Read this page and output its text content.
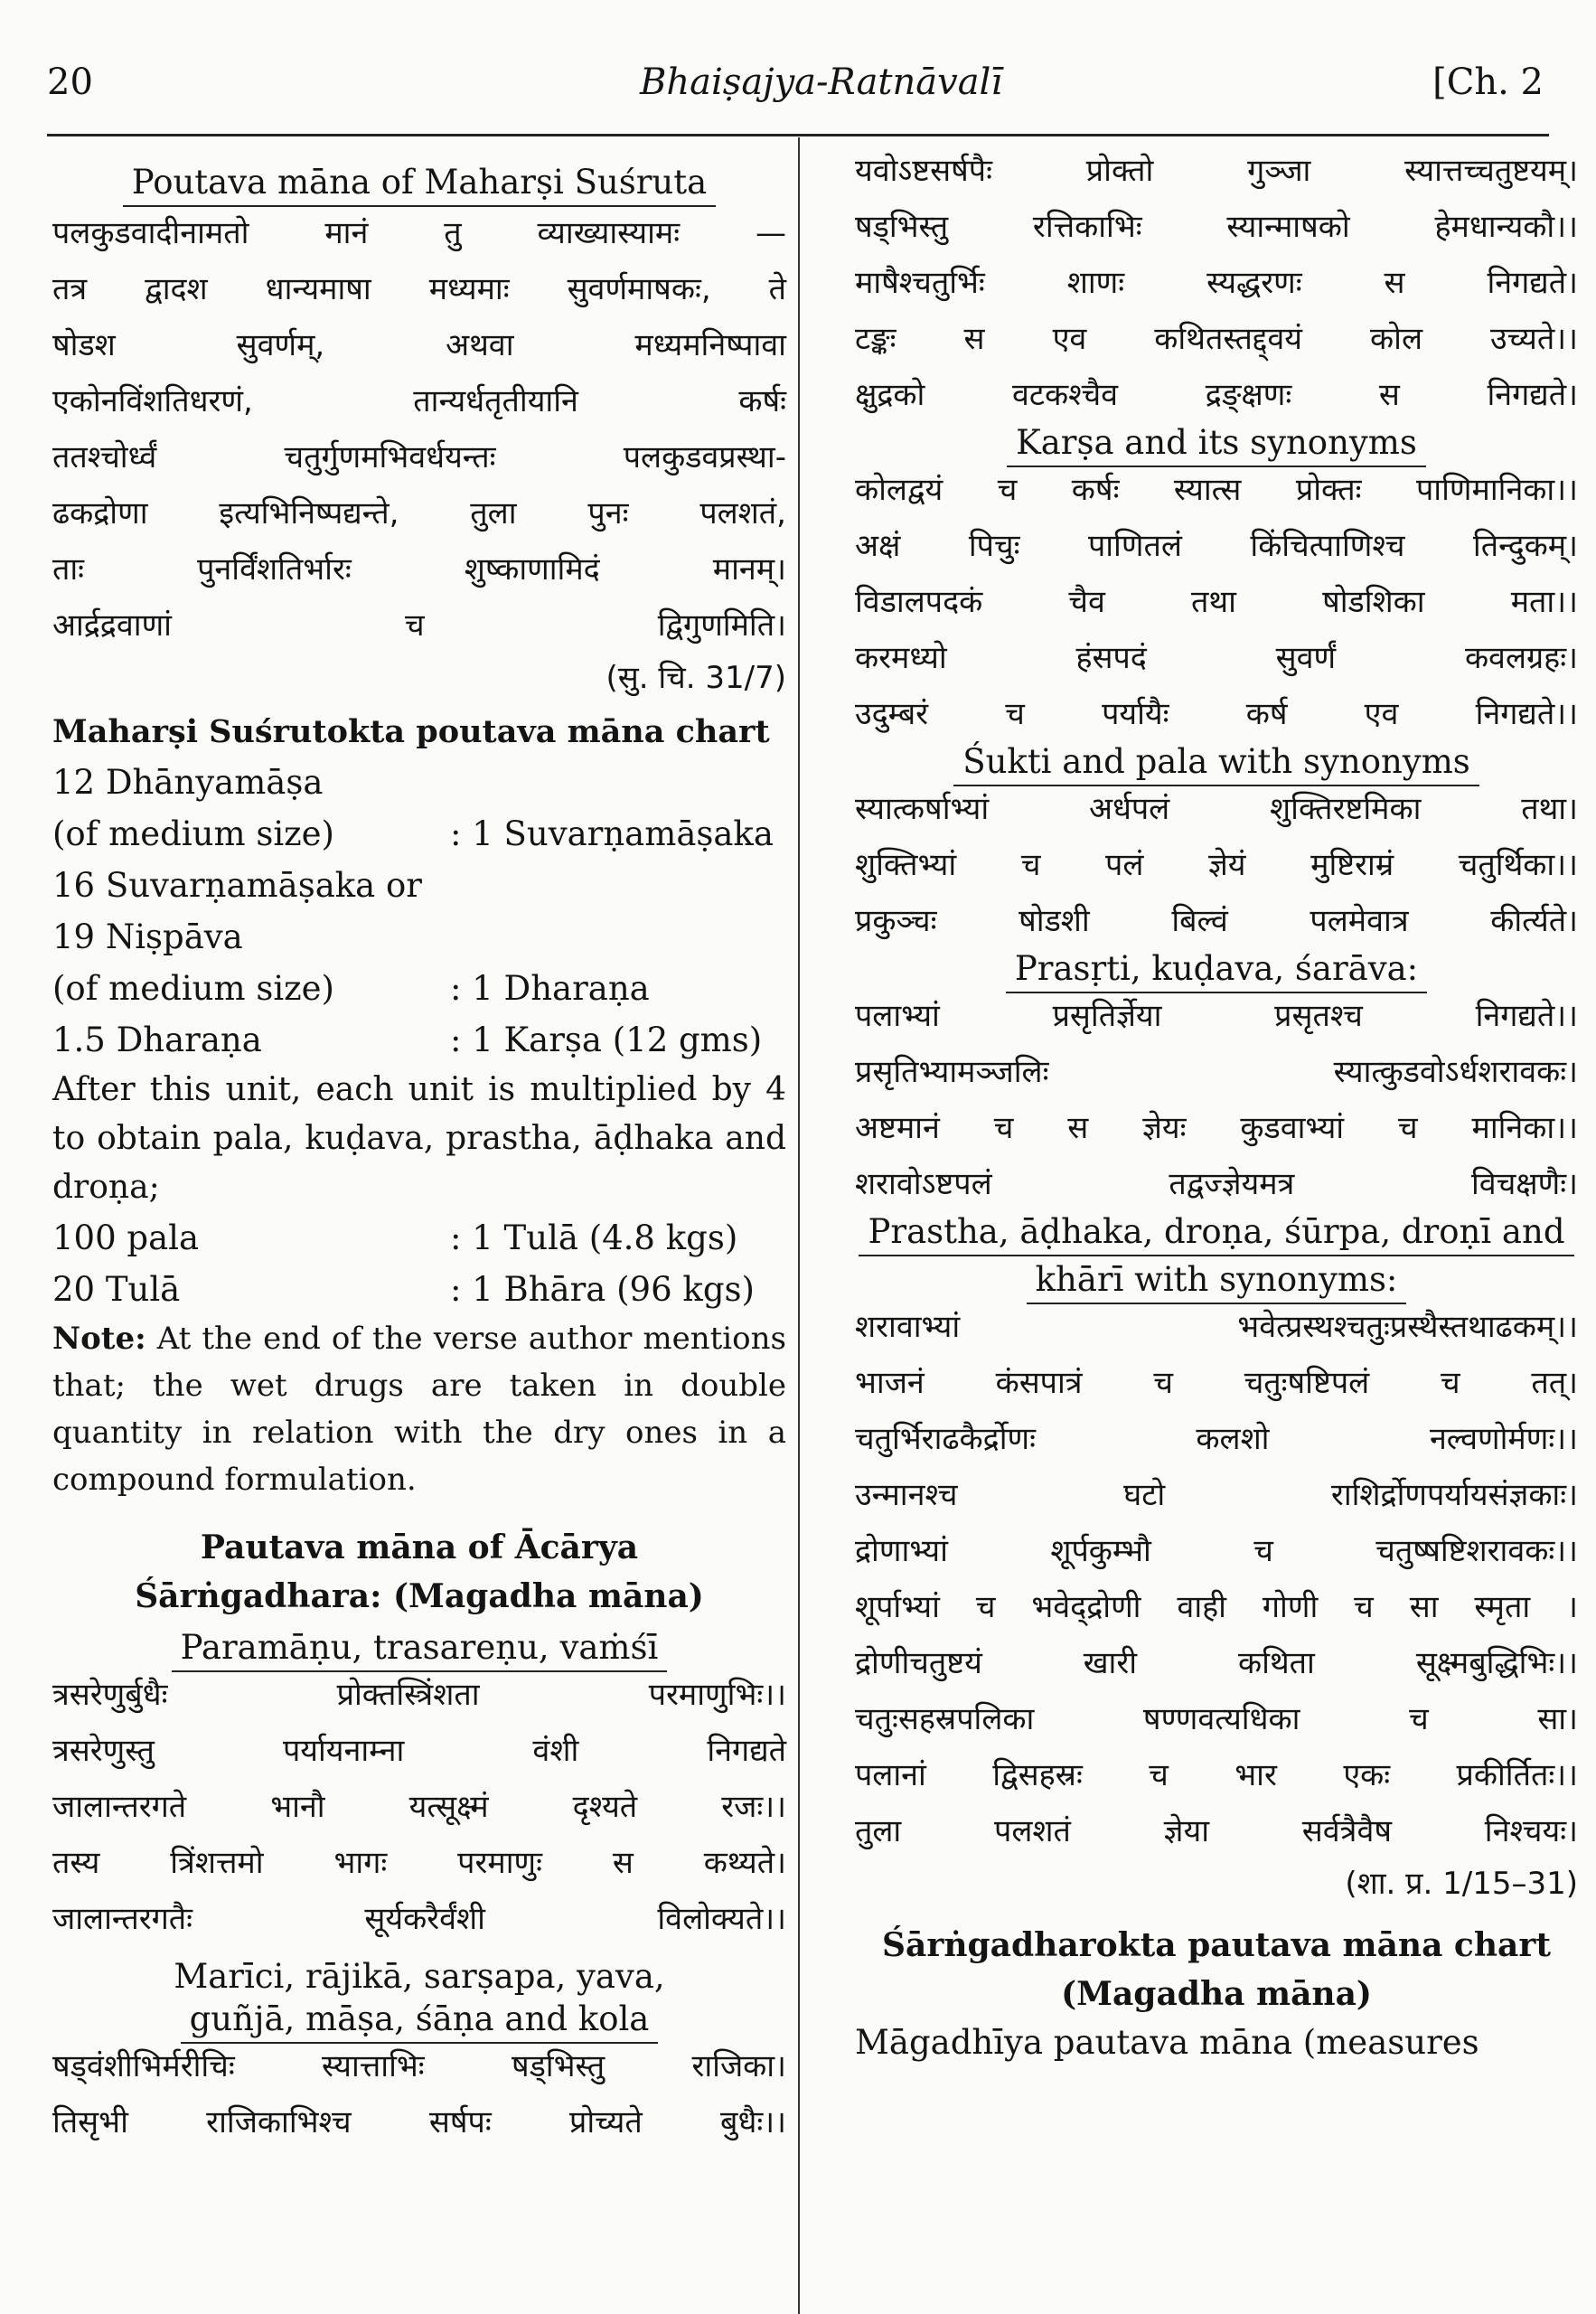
20	Bhaiṣajya-Ratnāvalī	[Ch. 2
Poutava māna of Maharṣi Suśruta
पलकुडवादीनामतो मानं तु व्याख्यास्यामः —
तत्र द्वादश धान्यमाषा मध्यमाः सुवर्णमाषकः, ते
षोडश सुवर्णम्, अथवा मध्यमनिष्पावा
एकोनविंशतिधरणं, तान्यर्धतृतीयानि कर्षः
ततश्चोर्ध्वं चतुर्गुणमभिवर्धयन्तः पलकुडवप्रस्था-
ढकद्रोणा इत्यभिनिष्पद्यन्ते, तुला पुनः पलशतं,
ताः पुनर्विंशतिर्भारः शुष्काणामिदं मानम्।
आर्द्रद्रवाणां च द्विगुणमिति।
(सु. चि. 31/7)
Maharṣi Suśrutokta poutava māna chart
12 Dhānyamāṣa
(of medium size)	: 1 Suvarṇamāṣaka
16 Suvarṇamāṣaka or
19 Niṣpāva
(of medium size)	: 1 Dharaṇa
1.5 Dharaṇa	: 1 Karṣa (12 gms)
After this unit, each unit is multiplied by 4 to obtain pala, kuḍava, prastha, āḍhaka and droṇa;
100 pala	: 1 Tulā (4.8 kgs)
20 Tulā	: 1 Bhāra (96 kgs)
Note: At the end of the verse author mentions that; the wet drugs are taken in double quantity in relation with the dry ones in a compound formulation.
Pautava māna of Ācārya
Śārṅgadhara: (Magadha māna)
Paramāṇu, trasareṇu, vaṁśī
त्रसरेणुर्बुधैः प्रोक्तस्त्रिंशता परमाणुभिः।।
त्रसरेणुस्तु पर्यायनाम्ना वंशी निगद्यते
जालान्तरगते भानौ यत्सूक्ष्मं दृश्यते रजः।।
तस्य त्रिंशत्तमो भागः परमाणुः स कथ्यते।
जालान्तरगतैः सूर्यकरैर्वंशी विलोक्यते।।
Marīci, rājikā, sarṣapa, yava,
guñjā, māṣa, śāṇa and kola
षड्वंशीभिर्मरीचिः स्यात्ताभिः षड्भिस्तु राजिका।
तिसृभी राजिकाभिश्च सर्षपः प्रोच्यते बुधैः।।
यवोऽष्टसर्षपैः प्रोक्तो गुञ्जा स्यात्तच्चतुष्टयम्।
षड्भिस्तु रत्तिकाभिः स्यान्माषको हेमधान्यकौ।।
माषैश्चतुर्भिः शाणः स्यद्धरणः स निगद्यते।
टङ्कः स एव कथितस्तद्द्वयं कोल उच्यते।।
क्षुद्रको वटकश्चैव द्रङ्क्षणः स निगद्यते।
Karṣa and its synonyms
कोलद्वयं च कर्षः स्यात्स प्रोक्तः पाणिमानिका।।
अक्षं पिचुः पाणितलं किंचित्पाणिश्च तिन्दुकम्।
विडालपदकं चैव तथा षोडशिका मता।।
करमध्यो हंसपदं सुवर्णं कवलग्रहः।
उदुम्बरं च पर्यायैः कर्ष एव निगद्यते।।
Śukti and pala with synonyms
स्यात्कर्षाभ्यां अर्धपलं शुक्तिरष्टमिका तथा।
शुक्तिभ्यां च पलं ज्ञेयं मुष्टिराम्रं चतुर्थिका।।
प्रकुञ्चः षोडशी बिल्वं पलमेवात्र कीर्त्यते।
Prasṛti, kuḍava, śarāva:
पलाभ्यां प्रसृतिर्ज्ञेया प्रसृतश्च निगद्यते।।
प्रसृतिभ्यामञ्जलिः स्यात्कुडवोऽर्धशरावकः।
अष्टमानं च स ज्ञेयः कुडवाभ्यां च मानिका।।
शरावोऽष्टपलं तद्वज्ज्ञेयमत्र विचक्षणैः।
Prastha, āḍhaka, droṇa, śūrpa, droṇī and
khārī with synonyms:
शरावाभ्यां भवेत्प्रस्थश्चतुःप्रस्थैस्तथाढकम्।।
भाजनं कंसपात्रं च चतुःषष्टिपलं च तत्।
चतुर्भिराढकैर्द्रोणः कलशो नल्वणोर्मणः।।
उन्मानश्च घटो राशिर्द्रोणपर्यायसंज्ञकाः।
द्रोणाभ्यां शूर्पकुम्भौ च चतुष्षष्टिशरावकः।।
शूर्पाभ्यां च भवेद्द्रोणी वाही गोणी च सा स्मृता ।
द्रोणीचतुष्टयं खारी कथिता सूक्ष्मबुद्धिभिः।।
चतुःसहस्रपलिका षण्णवत्यधिका च सा।
पलानां द्विसहस्रः च भार एकः प्रकीर्तितः।।
तुला पलशतं ज्ञेया सर्वत्रैवैष निश्चयः।
(शा. प्र. 1/15–31)
Śārṅgadharokta pautava māna chart
(Magadha māna)
Māgadhīya pautava māna (measures
